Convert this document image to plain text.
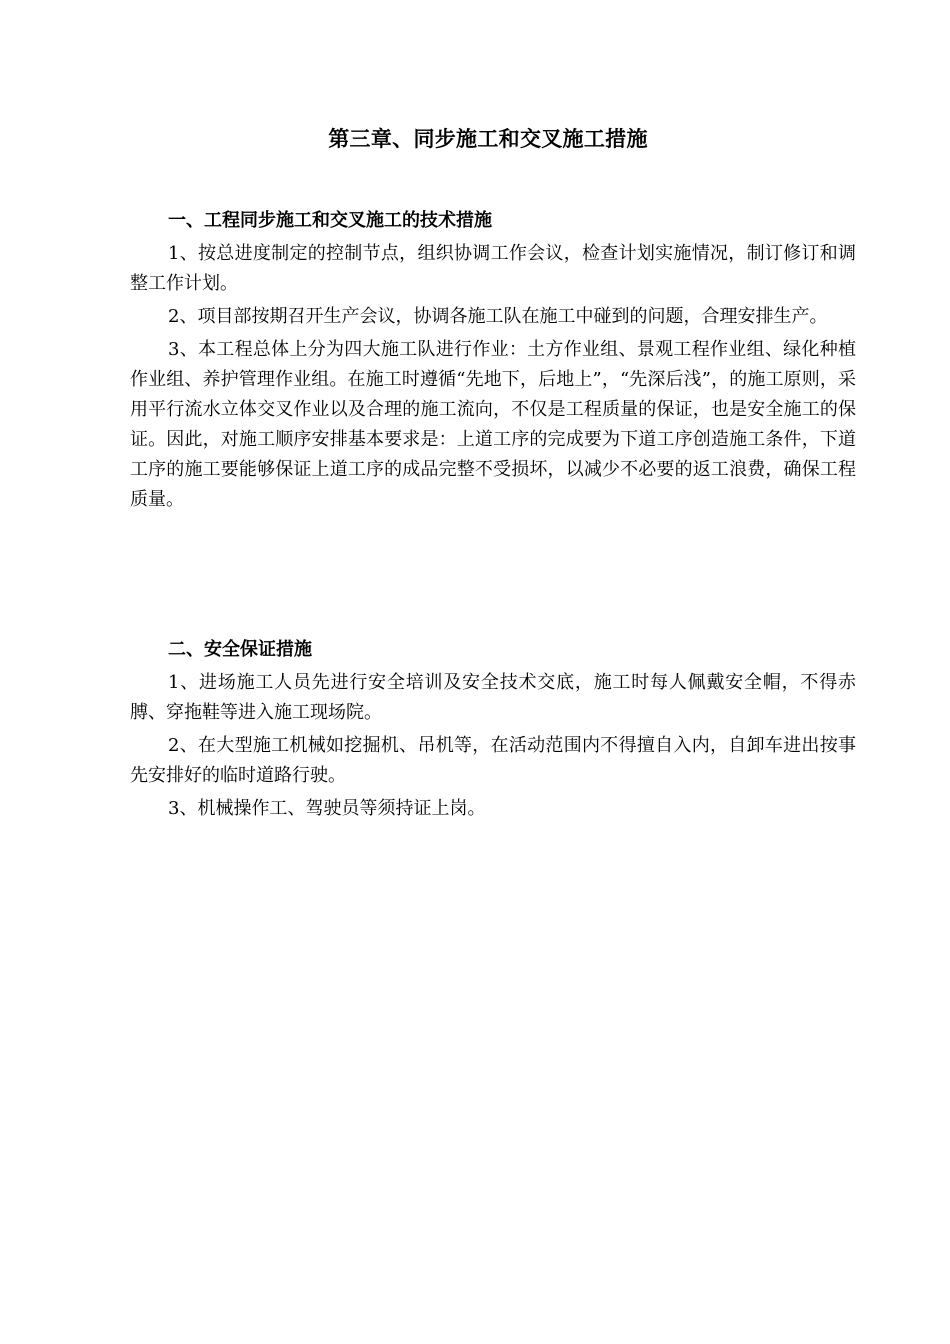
第三章、同步施工和交叉施工措施
一、工程同步施工和交叉施工的技术措施

1、按总进度制定的控制节点，组织协调工作会议，检查计划实施情况，制订修订和调整工作计划。

2、项目部按期召开生产会议，协调各施工队在施工中碰到的问题，合理安排生产。

3、本工程总体上分为四大施工队进行作业：土方作业组、景观工程作业组、绿化种植作业组、养护管理作业组。在施工时遵循“先地下，后地上”，“先深后浅”，的施工原则，采用平行流水立体交叉作业以及合理的施工流向，不仅是工程质量的保证，也是安全施工的保证。因此，对施工顺序安排基本要求是：上道工序的完成要为下道工序创造施工条件，下道工序的施工要能够保证上道工序的成品完整不受损坏，以减少不必要的返工浪费，确保工程质量。

二、安全保证措施

1、进场施工人员先进行安全培训及安全技术交底，施工时每人佩戴安全帽，不得赤膊、穿拖鞋等进入施工现场院。

2、在大型施工机械如挖掘机、吊机等，在活动范围内不得擅自入内，自卸车进出按事先安排好的临时道路行驶。

3、机械操作工、驾驶员等须持证上岗。
